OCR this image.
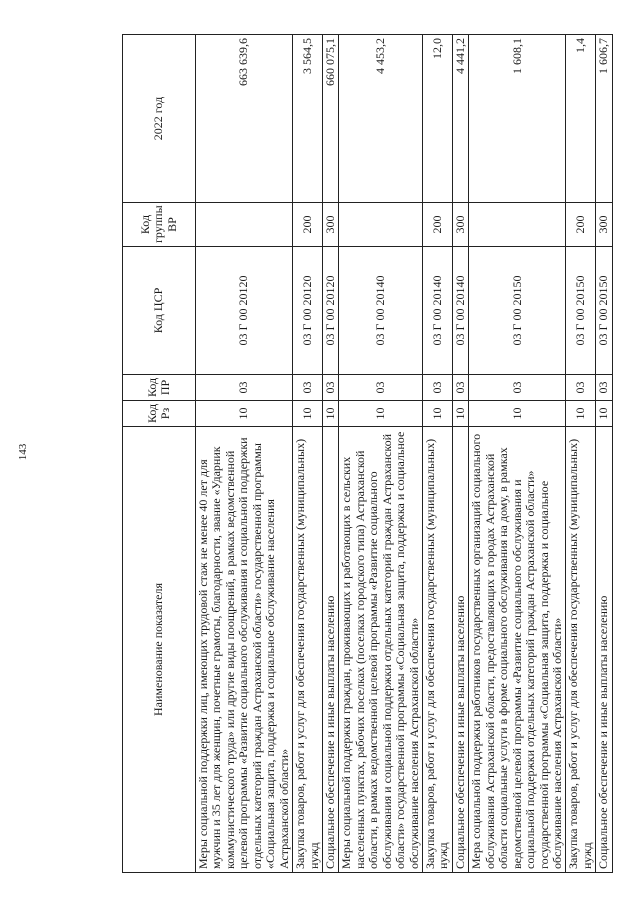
143
Наименование показателя	Код Рз	Код ПР	Код ЦСР	Код группы ВР	2022 год
Меры социальной поддержки лиц, имеющих трудовой стаж не менее 40 лет для мужчин и 35 лет для женщин, почетные грамоты, благодарности, звание «Ударник коммунистического труда» или другие виды поощрений, в рамках ведомственной целевой программы «Развитие социального обслуживания и социальной поддержки отдельных категорий граждан Астраханской области» государственной программы «Социальная защита, поддержка и социальное обслуживание населения Астраханской области»	10	03	03 Г 00 20120		663 639,6
Закупка товаров, работ и услуг для обеспечения государственных (муниципальных) нужд	10	03	03 Г 00 20120	200	3 564,5
Социальное обеспечение и иные выплаты населению	10	03	03 Г 00 20120	300	660 075,1
Меры социальной поддержки граждан, проживающих и работающих в сельских населенных пунктах, рабочих поселках (поселках городского типа) Астраханской области, в рамках ведомственной целевой программы «Развитие социального обслуживания и социальной поддержки отдельных категорий граждан Астраханской области» государственной программы «Социальная защита, поддержка и социальное обслуживание населения Астраханской области»	10	03	03 Г 00 20140		4 453,2
Закупка товаров, работ и услуг для обеспечения государственных (муниципальных) нужд	10	03	03 Г 00 20140	200	12,0
Социальное обеспечение и иные выплаты населению	10	03	03 Г 00 20140	300	4 441,2
Мера социальной поддержки работников государственных организаций социального обслуживания Астраханской области, предоставляющих в городах Астраханской области социальные услуги в форме социального обслуживания на дому, в рамках ведомственной целевой программы «Развитие социального обслуживания и социальной поддержки отдельных категорий граждан Астраханской области» государственной программы «Социальная защита, поддержка и социальное обслуживание населения Астраханской области»	10	03	03 Г 00 20150		1 608,1
Закупка товаров, работ и услуг для обеспечения государственных (муниципальных) нужд	10	03	03 Г 00 20150	200	1,4
Социальное обеспечение и иные выплаты населению	10	03	03 Г 00 20150	300	1 606,7
